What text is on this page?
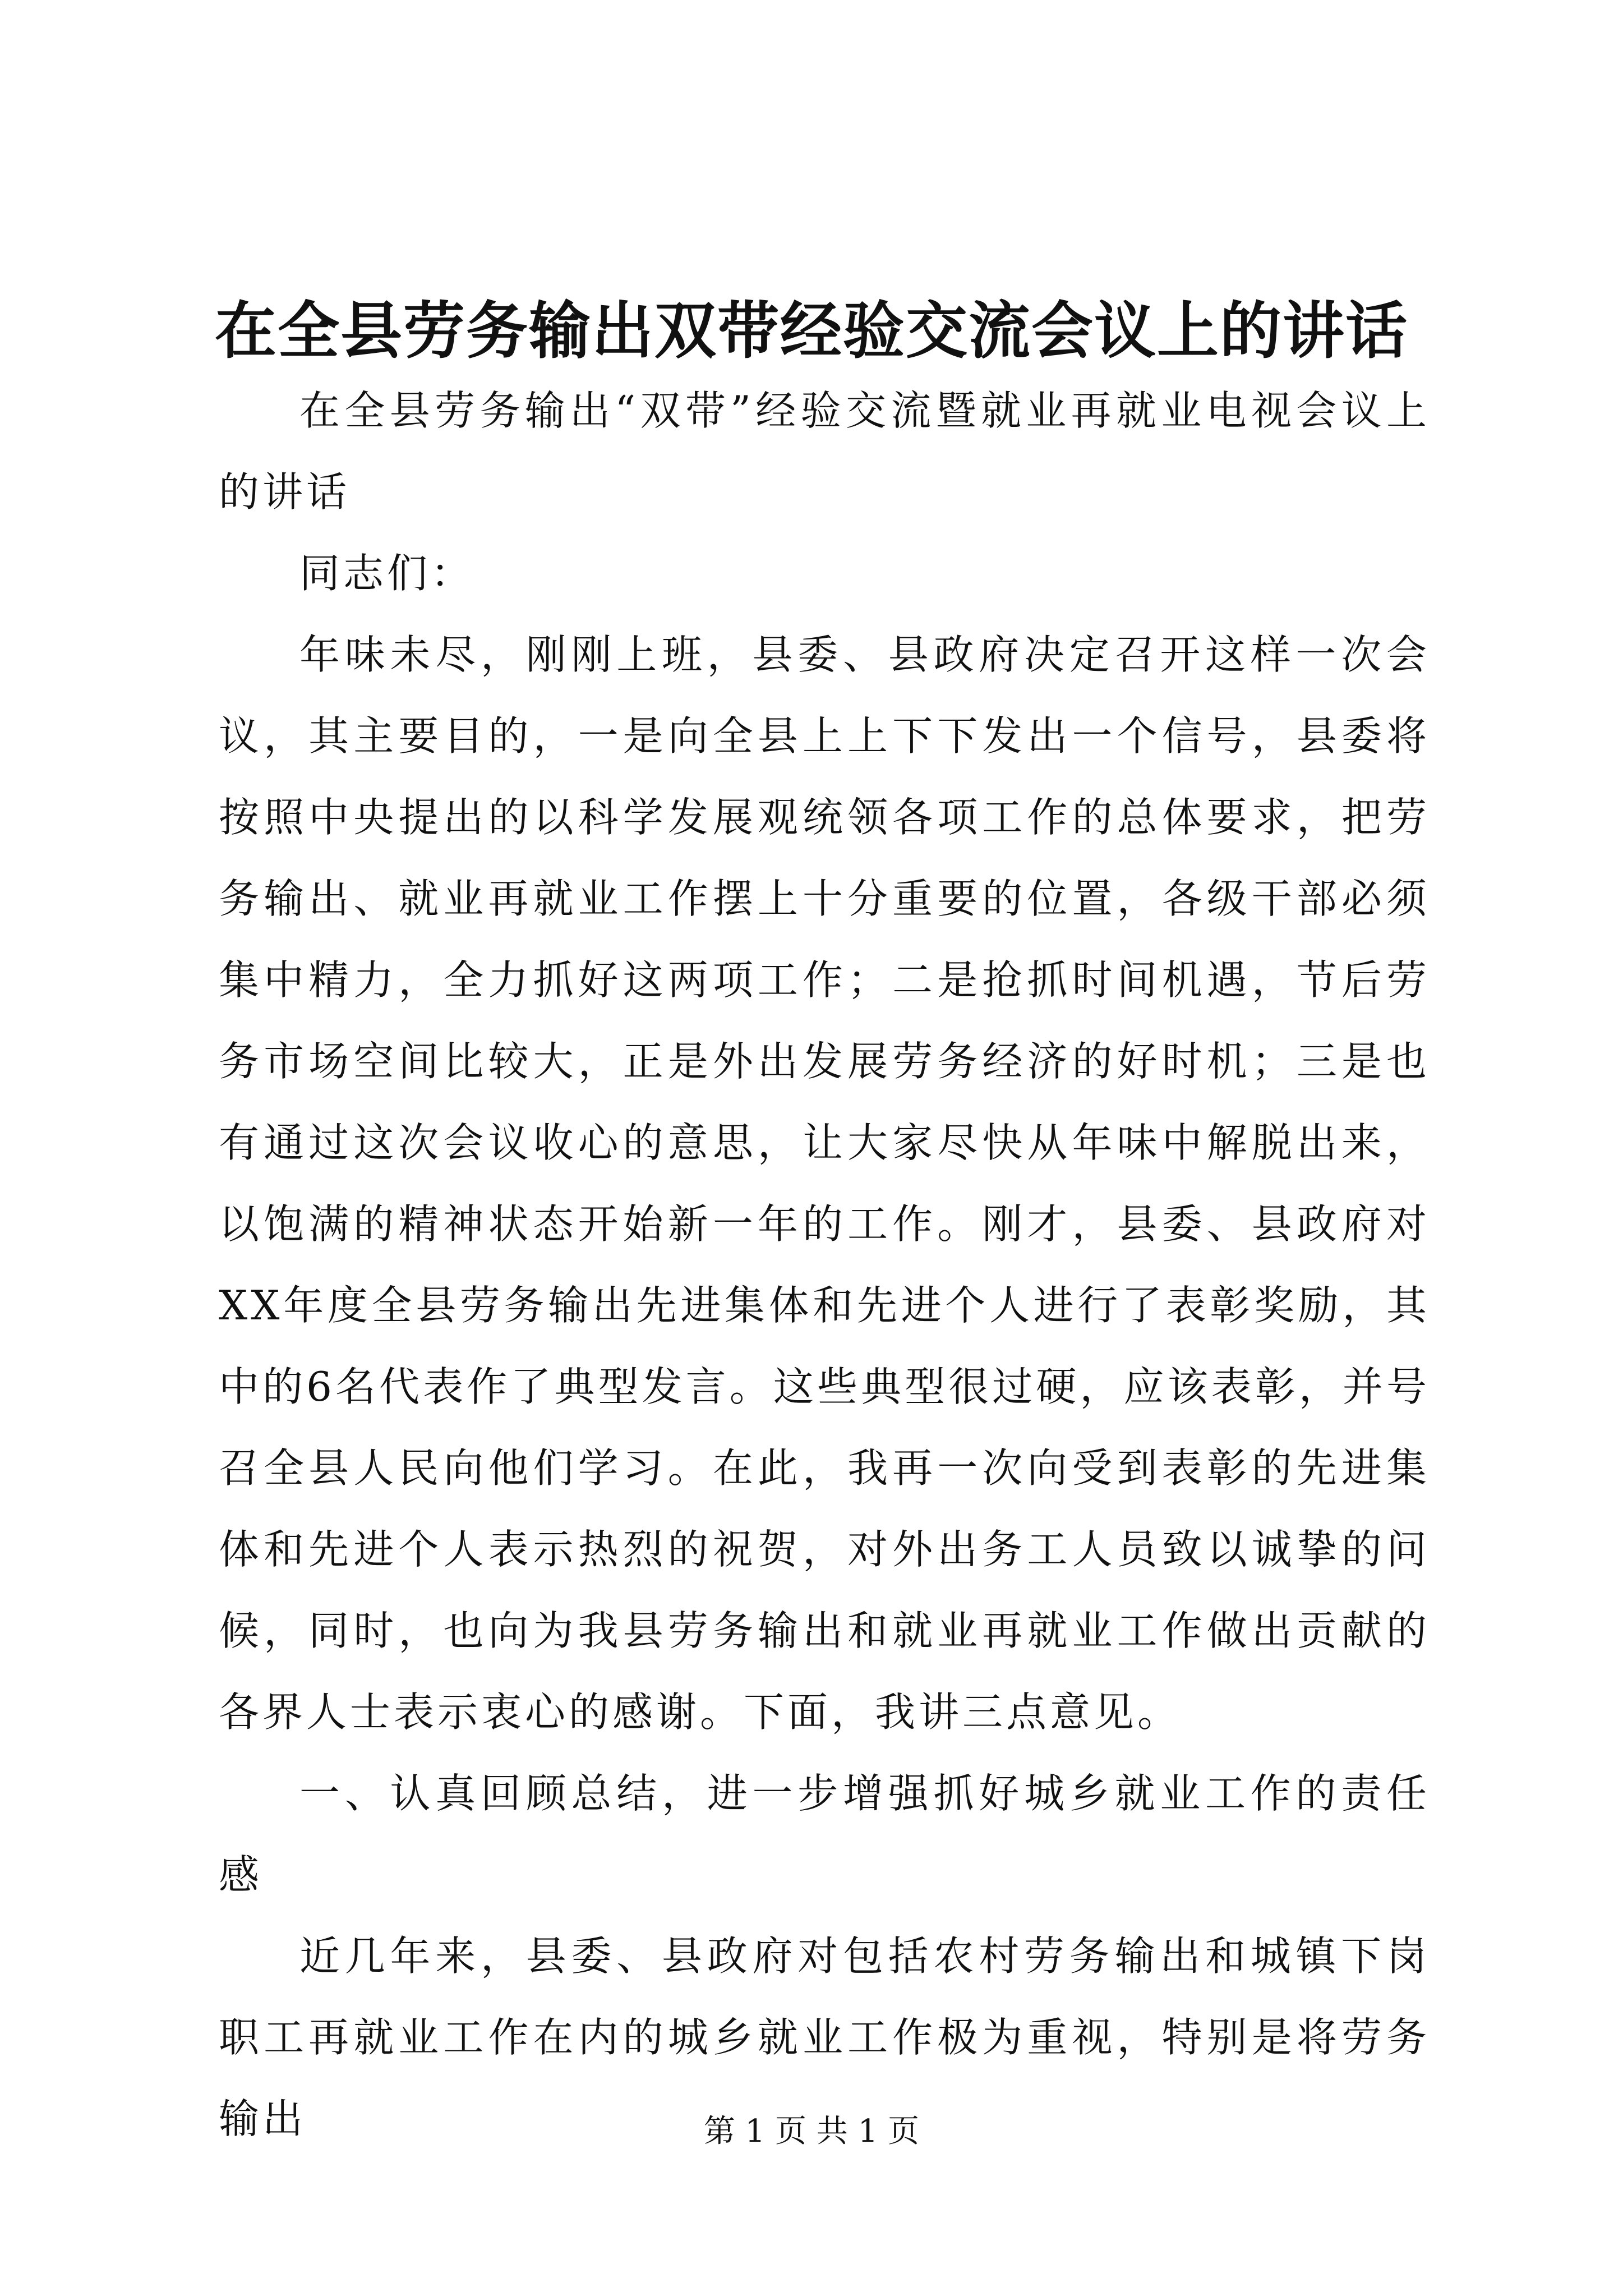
在全县劳务输出双带经验交流会议上的讲话

在全县劳务输出“双带”经验交流暨就业再就业电视会议上的讲话

同志们：

年味未尽，刚刚上班，县委、县政府决定召开这样一次会议，其主要目的，一是向全县上上下下发出一个信号，县委将按照中央提出的以科学发展观统领各项工作的总体要求，把劳务输出、就业再就业工作摆上十分重要的位置，各级干部必须集中精力，全力抓好这两项工作；二是抢抓时间机遇，节后劳务市场空间比较大，正是外出发展劳务经济的好时机；三是也有通过这次会议收心的意思，让大家尽快从年味中解脱出来，以饱满的精神状态开始新一年的工作。刚才，县委、县政府对XX年度全县劳务输出先进集体和先进个人进行了表彰奖励，其中的6名代表作了典型发言。这些典型很过硬，应该表彰，并号召全县人民向他们学习。在此，我再一次向受到表彰的先进集体和先进个人表示热烈的祝贺，对外出务工人员致以诚挚的问候，同时，也向为我县劳务输出和就业再就业工作做出贡献的各界人士表示衷心的感谢。下面，我讲三点意见。

一、认真回顾总结，进一步增强抓好城乡就业工作的责任感

近几年来，县委、县政府对包括农村劳务输出和城镇下岗职工再就业工作在内的城乡就业工作极为重视，特别是将劳务输出	第 1 页 共 1 页
